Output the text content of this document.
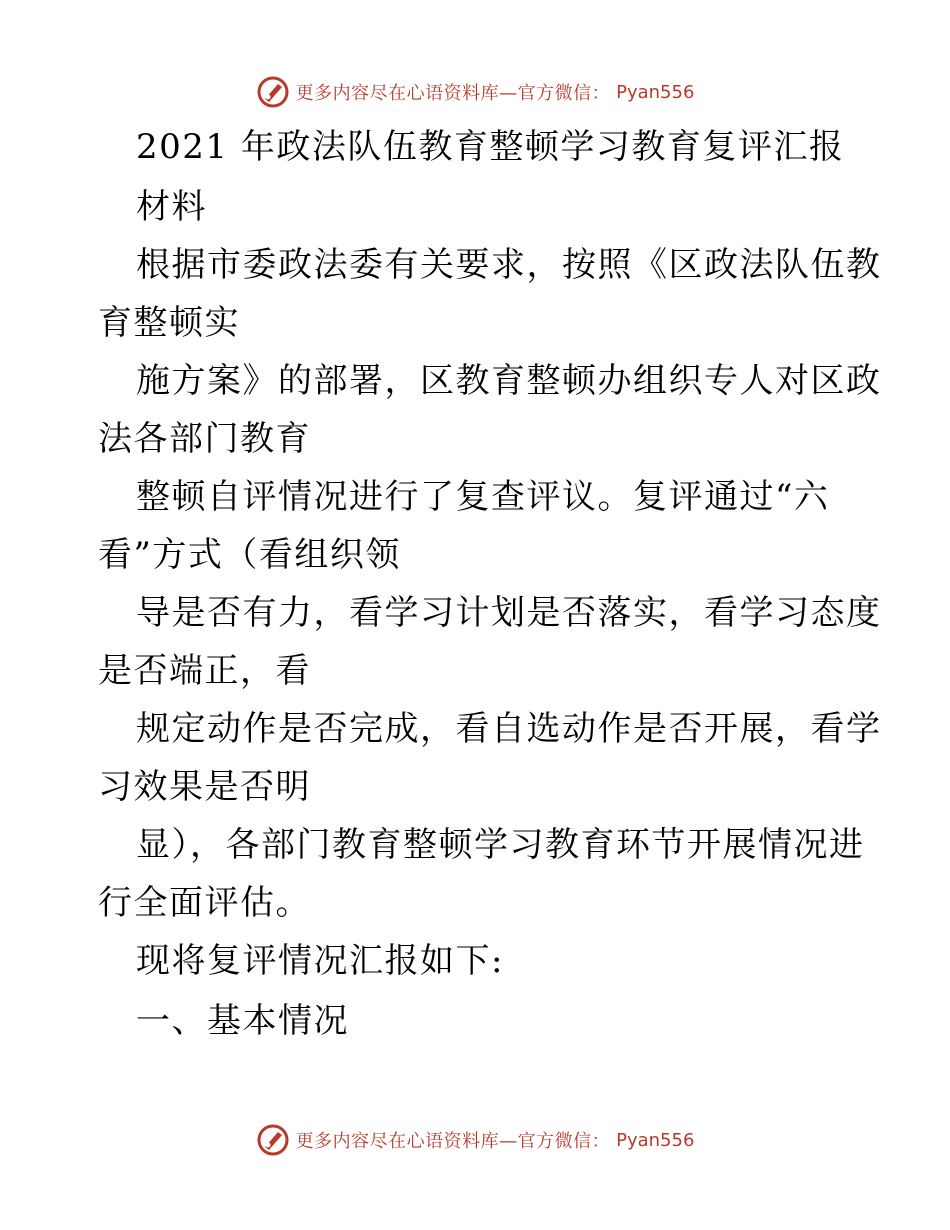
更多内容尽在心语资料库—官方微信： Pyan556
2021 年政法队伍教育整顿学习教育复评汇报
材料
根据市委政法委有关要求，按照《区政法队伍教
育整顿实
施方案》的部署，区教育整顿办组织专人对区政
法各部门教育
整顿自评情况进行了复查评议。复评通过“六
看”方式（看组织领
导是否有力，看学习计划是否落实，看学习态度
是否端正，看
规定动作是否完成，看自选动作是否开展，看学
习效果是否明
显），各部门教育整顿学习教育环节开展情况进
行全面评估。
现将复评情况汇报如下:
一、基本情况
更多内容尽在心语资料库—官方微信： Pyan556
